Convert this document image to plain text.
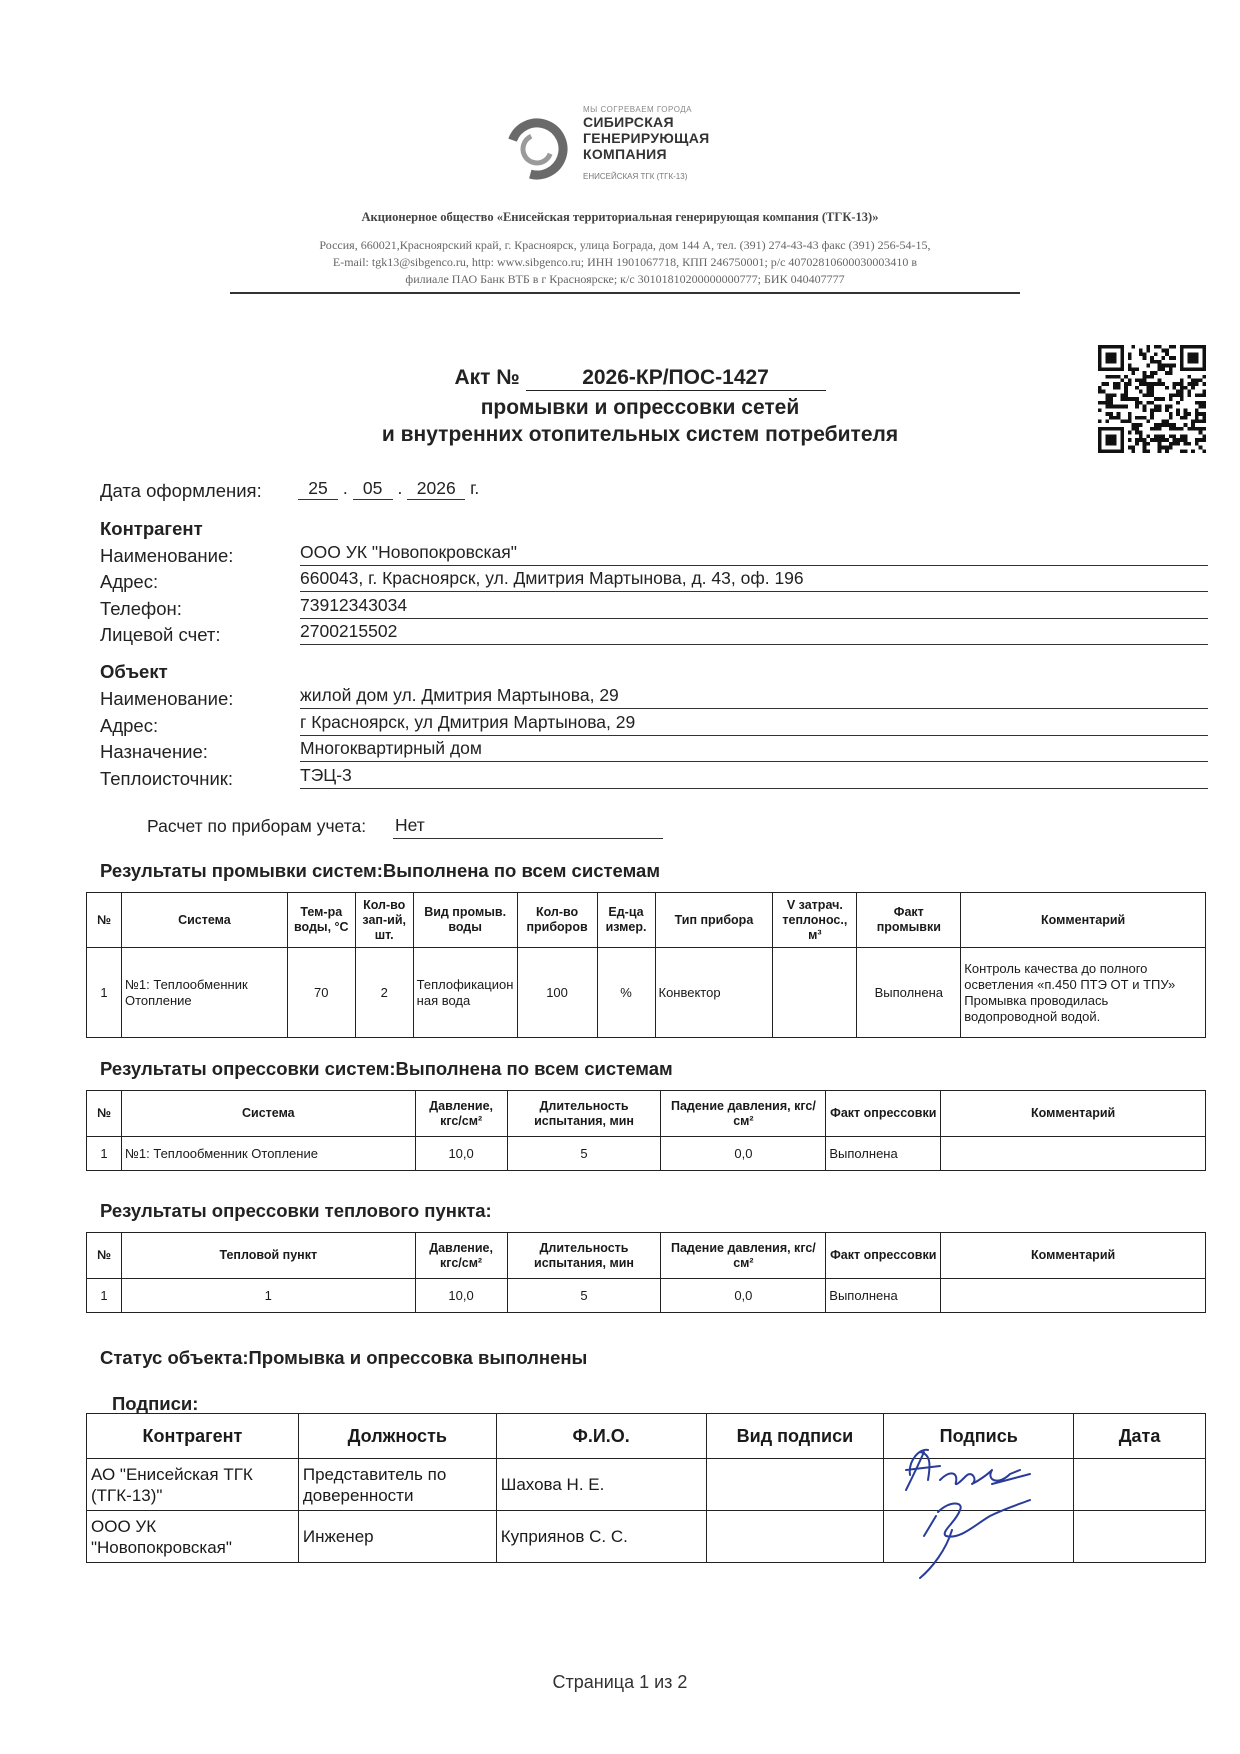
МЫ СОГРЕВАЕМ ГОРОДА
СИБИРСКАЯ
ГЕНЕРИРУЮЩАЯ
КОМПАНИЯ
ЕНИСЕЙСКАЯ ТГК (ТГК-13)
Акционерное общество «Енисейская территориальная генерирующая компания (ТГК-13)»
Россия, 660021,Красноярский край, г. Красноярск, улица Бограда, дом 144 А, тел. (391) 274-43-43 факс (391) 256-54-15,
E-mail: tgk13@sibgenco.ru, http: www.sibgenco.ru; ИНН 1901067718, КПП 246750001; р/с 40702810600030003410 в
филиале ПАО Банк ВТБ в г Красноярске; к/с 30101810200000000777; БИК 040407777
Акт №	2026-КР/ПОС-1427
промывки и опрессовки сетей
и внутренних отопительных систем потребителя
Дата оформления:	25 . 05 . 2026 г.
Контрагент
Наименование:	ООО УК "Новопокровская"
Адрес:	660043, г. Красноярск, ул. Дмитрия Мартынова, д. 43, оф. 196
Телефон:	73912343034
Лицевой счет:	2700215502
Объект
Наименование:	жилой дом ул. Дмитрия Мартынова, 29
Адрес:	г Красноярск, ул Дмитрия Мартынова, 29
Назначение:	Многоквартирный дом
Теплоисточник:	ТЭЦ-3
Расчет по приборам учета: Нет
Результаты промывки систем:Выполнена по всем системам
№	Система	Тем-ра воды, °С	Кол-во зап-ий, шт.	Вид промыв. воды	Кол-во приборов	Ед-ца измер.	Тип прибора	V затрач. теплонос., м³	Факт промывки	Комментарий
1	№1: Теплообменник Отопление	70	2	Теплофикационная вода	100	%	Конвектор		Выполнена	Контроль качества до полного осветления «п.450 ПТЭ ОТ и ТПУ» Промывка проводилась водопроводной водой.
Результаты опрессовки систем:Выполнена по всем системам
№	Система	Давление, кгс/см²	Длительность испытания, мин	Падение давления, кгс/см²	Факт опрессовки	Комментарий
1	№1: Теплообменник Отопление	10,0	5	0,0	Выполнена	
Результаты опрессовки теплового пункта:
№	Тепловой пункт	Давление, кгс/см²	Длительность испытания, мин	Падение давления, кгс/см²	Факт опрессовки	Комментарий
1	1	10,0	5	0,0	Выполнена	
Статус объекта:Промывка и опрессовка выполнены
Подписи:
Контрагент	Должность	Ф.И.О.	Вид подписи	Подпись	Дата
АО "Енисейская ТГК (ТГК-13)"	Представитель по доверенности	Шахова Н. Е.			
ООО УК "Новопокровская"	Инженер	Куприянов С. С.			
Страница 1 из 2
